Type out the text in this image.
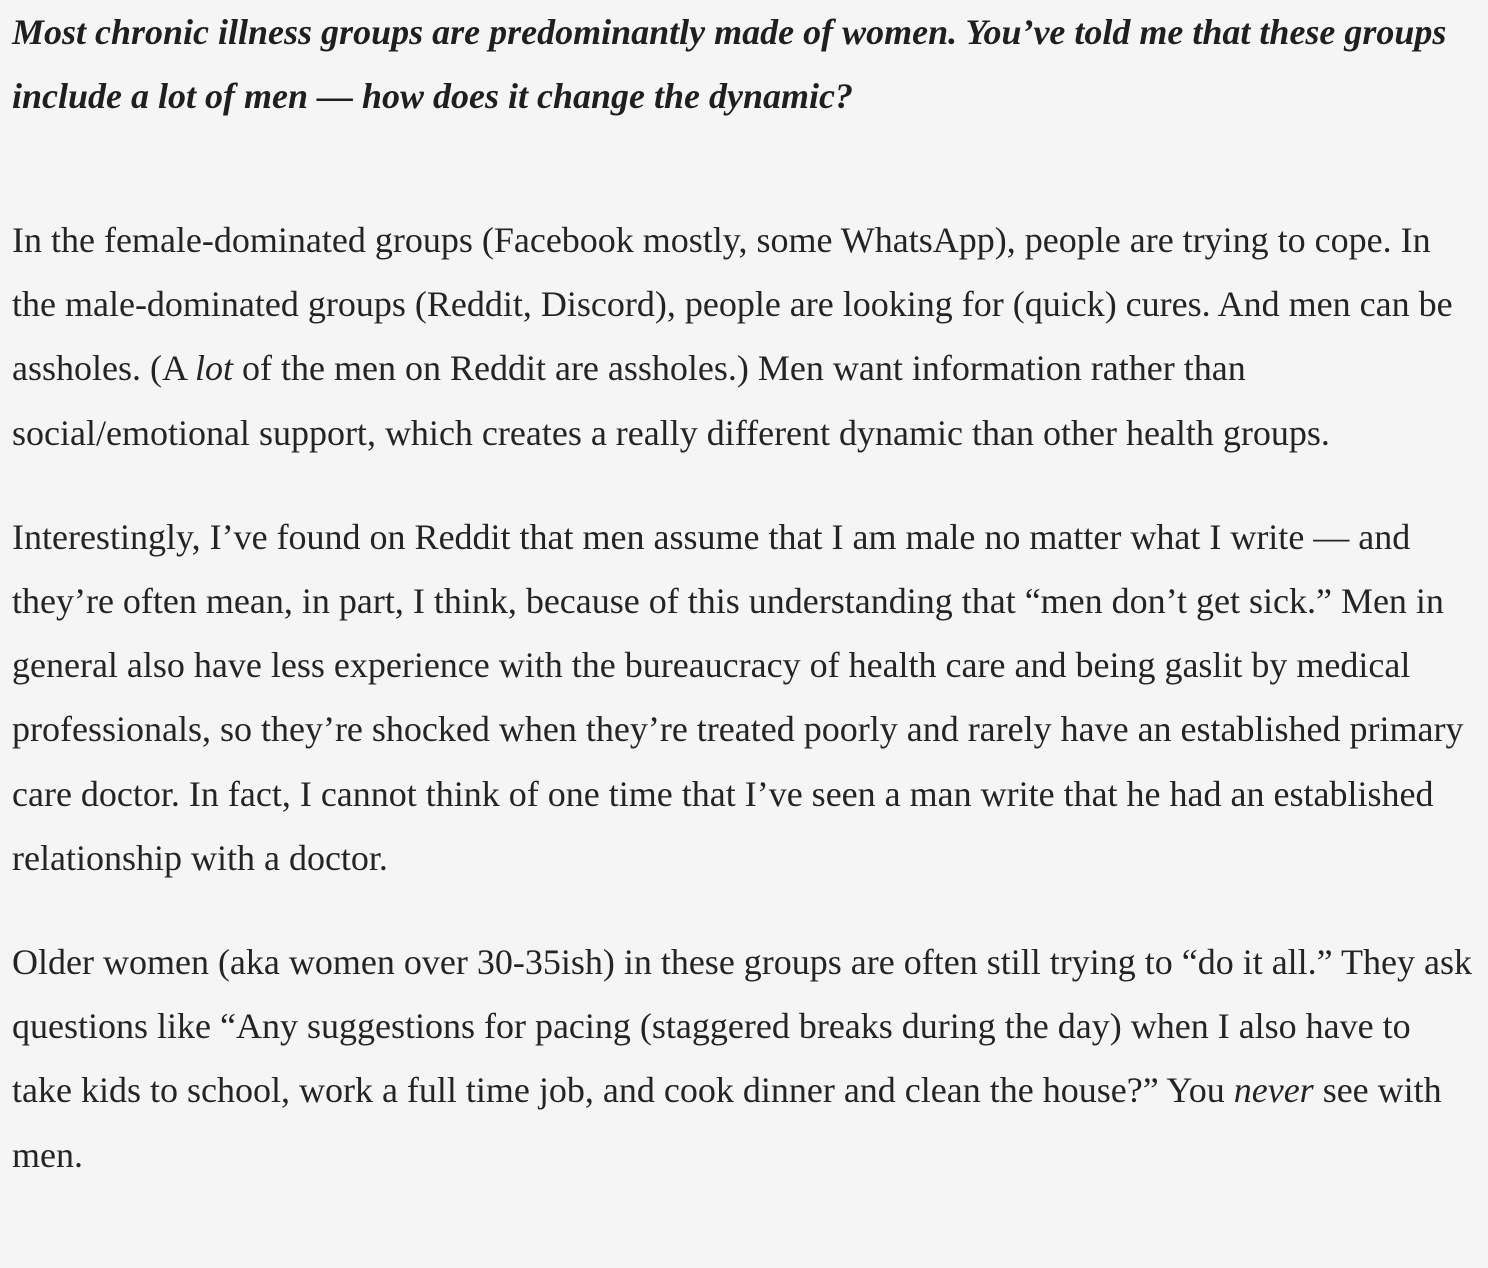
Most chronic illness groups are predominantly made of women. You’ve told me that these groups include a lot of men — how does it change the dynamic?

In the female-dominated groups (Facebook mostly, some WhatsApp), people are trying to cope. In the male-dominated groups (Reddit, Discord), people are looking for (quick) cures. And men can be assholes. (A lot of the men on Reddit are assholes.) Men want information rather than social/emotional support, which creates a really different dynamic than other health groups.

Interestingly, I’ve found on Reddit that men assume that I am male no matter what I write — and they’re often mean, in part, I think, because of this understanding that “men don’t get sick.” Men in general also have less experience with the bureaucracy of health care and being gaslit by medical professionals, so they’re shocked when they’re treated poorly and rarely have an established primary care doctor. In fact, I cannot think of one time that I’ve seen a man write that he had an established relationship with a doctor.

Older women (aka women over 30-35ish) in these groups are often still trying to “do it all.” They ask questions like “Any suggestions for pacing (staggered breaks during the day) when I also have to take kids to school, work a full time job, and cook dinner and clean the house?” You never see with men.
